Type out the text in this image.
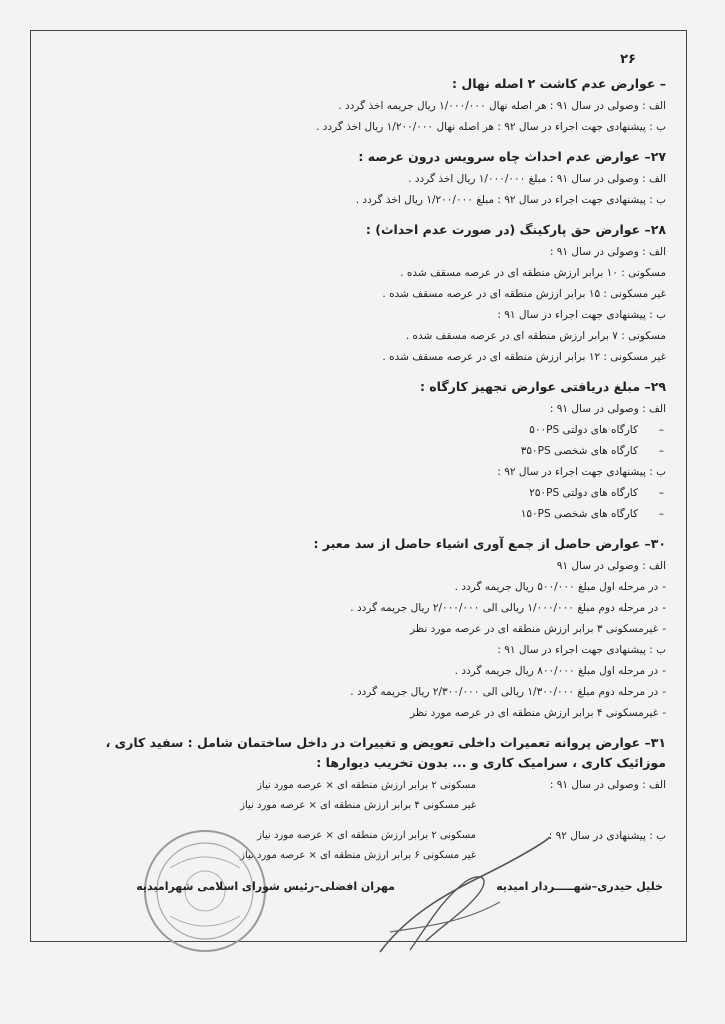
۲۶
– عوارض عدم کاشت ۲ اصله نهال :
الف : وصولی در سال ۹۱ : هر اصله نهال ۱/۰۰۰/۰۰۰ ریال جریمه اخذ گردد .
ب : پیشنهادی جهت اجراء در سال ۹۲ : هر اصله نهال ۱/۲۰۰/۰۰۰ ریال اخذ گردد .
۲۷– عوارض عدم احداث چاه سرویس درون عرصه :
الف : وصولی در سال ۹۱ : مبلغ ۱/۰۰۰/۰۰۰ ریال اخذ گردد .
ب : پیشنهادی جهت اجراء در سال ۹۲ : مبلغ ۱/۲۰۰/۰۰۰ ریال اخذ گردد .
۲۸– عوارض حق پارکینگ (در صورت عدم احداث) :
الف : وصولی در سال ۹۱ :
مسکونی : ۱۰ برابر ارزش منطقه ای در عرصه مسقف شده .
غیر مسکونی : ۱۵ برابر ارزش منطقه ای در عرصه مسقف شده .
ب : پیشنهادی جهت اجراء در سال ۹۱ :
مسکونی : ۷ برابر ارزش منطقه ای در عرصه مسقف شده .
غیر مسکونی : ۱۲ برابر ارزش منطقه ای در عرصه مسقف شده .
۲۹– مبلغ دریافتی عوارض تجهیز کارگاه :
الف : وصولی در سال ۹۱ :
–کارگاه های دولتی ۵۰۰PS
–کارگاه های شخصی ۳۵۰PS
ب : پیشنهادی جهت اجراء در سال ۹۲ :
–کارگاه های دولتی ۲۵۰PS
–کارگاه های شخصی ۱۵۰PS
۳۰– عوارض حاصل از جمع آوری اشیاء حاصل از سد معبر :
الف : وصولی در سال ۹۱
- در مرحله اول مبلغ ۵۰۰/۰۰۰ ریال جریمه گردد .
- در مرحله دوم مبلغ ۱/۰۰۰/۰۰۰ ریالی الی ۲/۰۰۰/۰۰۰ ریال جریمه گردد .
- غیرمسکونی ۳ برابر ارزش منطقه ای در عرصه مورد نظر
ب : پیشنهادی جهت اجراء در سال ۹۱ :
- در مرحله اول مبلغ ۸۰۰/۰۰۰ ریال جریمه گردد .
- در مرحله دوم مبلغ ۱/۳۰۰/۰۰۰ ریالی الی ۲/۳۰۰/۰۰۰ ریال جریمه گردد .
- غیرمسکونی ۴ برابر ارزش منطقه ای در عرصه مورد نظر
۳۱– عوارض پروانه تعمیرات داخلی تعویض و تغییرات در داخل ساختمان شامل : سفید کاری ، موزائیک کاری ، سرامیک کاری و ... بدون تخریب دیوارها :
الف : وصولی در سال ۹۱ :
مسکونی ۲ برابر ارزش منطقه ای × عرصه مورد نیاز
غیر مسکونی ۴ برابر ارزش منطقه ای × عرصه مورد نیاز
ب : پیشنهادی در سال ۹۲ :
مسکونی ۲ برابر ارزش منطقه ای × عرصه مورد نیاز
غیر مسکونی ۶ برابر ارزش منطقه ای × عرصه مورد نیاز
خلیل حیدری–شهـــــردار امیدیه
مهران افضلی–رئیس شورای اسلامی شهرامیدیه
